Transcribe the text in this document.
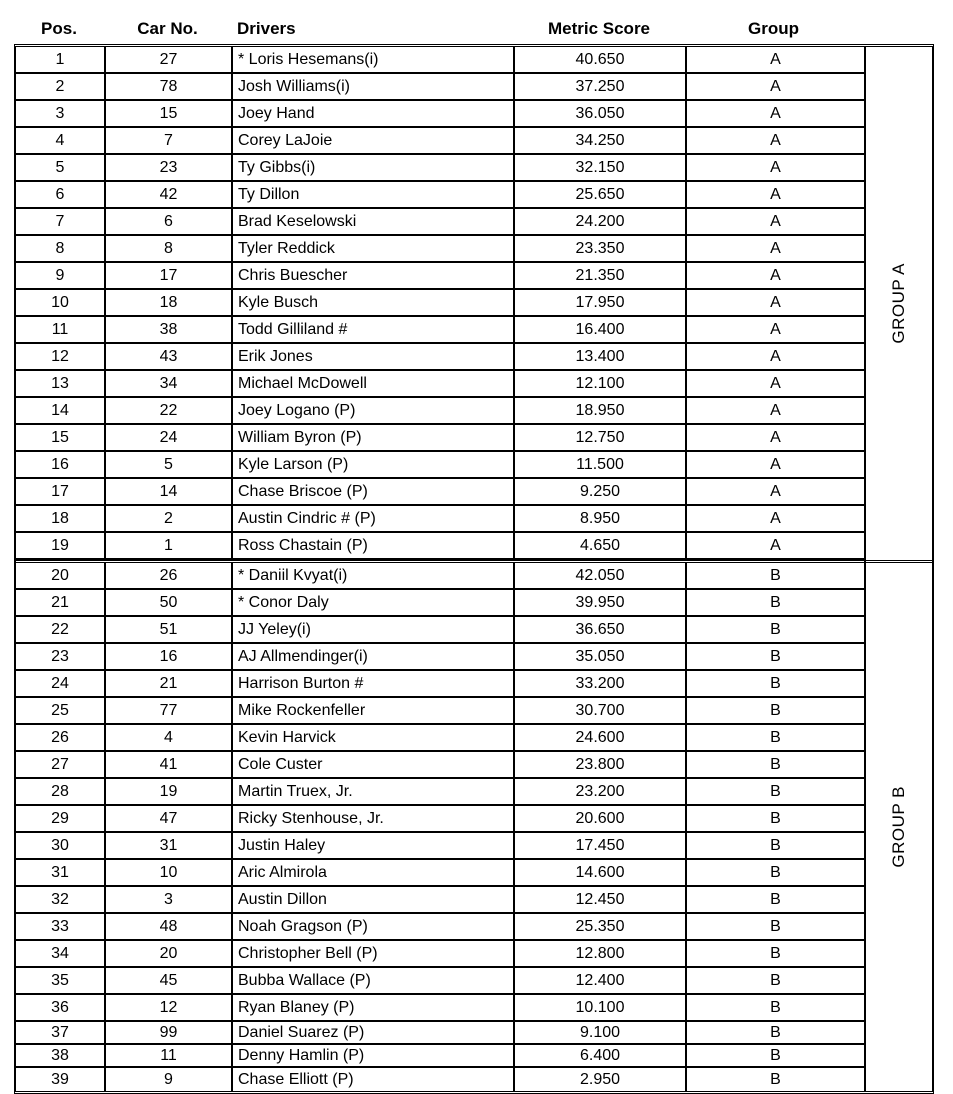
Pos.	Car No.	Drivers	Metric Score	Group
1	27	* Loris Hesemans(i)	40.650	A
2	78	Josh Williams(i)	37.250	A
3	15	Joey Hand	36.050	A
4	7	Corey LaJoie	34.250	A
5	23	Ty Gibbs(i)	32.150	A
6	42	Ty Dillon	25.650	A
7	6	Brad Keselowski	24.200	A
8	8	Tyler Reddick	23.350	A
9	17	Chris Buescher	21.350	A
10	18	Kyle Busch	17.950	A
11	38	Todd Gilliland #	16.400	A
12	43	Erik Jones	13.400	A
13	34	Michael McDowell	12.100	A
14	22	Joey Logano (P)	18.950	A
15	24	William Byron (P)	12.750	A
16	5	Kyle Larson (P)	11.500	A
17	14	Chase Briscoe (P)	9.250	A
18	2	Austin Cindric # (P)	8.950	A
19	1	Ross Chastain (P)	4.650	A
20	26	* Daniil Kvyat(i)	42.050	B
21	50	* Conor Daly	39.950	B
22	51	JJ Yeley(i)	36.650	B
23	16	AJ Allmendinger(i)	35.050	B
24	21	Harrison Burton #	33.200	B
25	77	Mike Rockenfeller	30.700	B
26	4	Kevin Harvick	24.600	B
27	41	Cole Custer	23.800	B
28	19	Martin Truex, Jr.	23.200	B
29	47	Ricky Stenhouse, Jr.	20.600	B
30	31	Justin Haley	17.450	B
31	10	Aric Almirola	14.600	B
32	3	Austin Dillon	12.450	B
33	48	Noah Gragson (P)	25.350	B
34	20	Christopher Bell (P)	12.800	B
35	45	Bubba Wallace (P)	12.400	B
36	12	Ryan Blaney (P)	10.100	B
37	99	Daniel Suarez (P)	9.100	B
38	11	Denny Hamlin (P)	6.400	B
39	9	Chase Elliott (P)	2.950	B
GROUP A
GROUP B
